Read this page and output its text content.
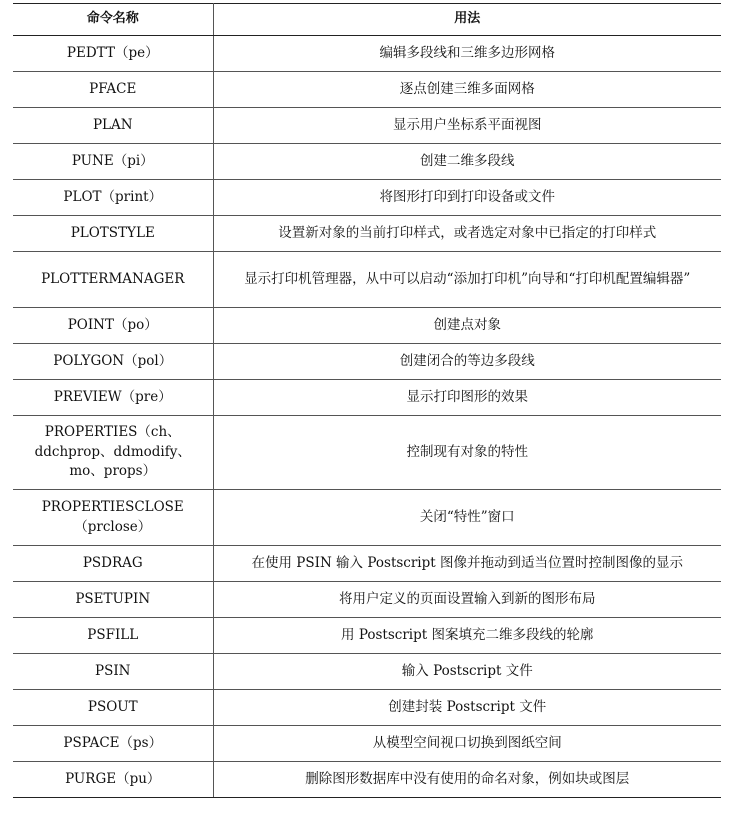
命令名称	用法
PEDTT（pe）	编辑多段线和三维多边形网格
PFACE	逐点创建三维多面网格
PLAN	显示用户坐标系平面视图
PUNE（pi）	创建二维多段线
PLOT（print）	将图形打印到打印设备或文件
PLOTSTYLE	设置新对象的当前打印样式，或者选定对象中已指定的打印样式
PLOTTERMANAGER	显示打印机管理器，从中可以启动“添加打印机”向导和“打印机配置编辑器”
POINT（po）	创建点对象
POLYGON（pol）	创建闭合的等边多段线
PREVIEW（pre）	显示打印图形的效果
PROPERTIES（ch、ddchprop、ddmodify、mo、props）	控制现有对象的特性
PROPERTIESCLOSE（prclose）	关闭“特性”窗口
PSDRAG	在使用 PSIN 输入 Postscript 图像并拖动到适当位置时控制图像的显示
PSETUPIN	将用户定义的页面设置输入到新的图形布局
PSFILL	用 Postscript 图案填充二维多段线的轮廓
PSIN	输入 Postscript 文件
PSOUT	创建封装 Postscript 文件
PSPACE（ps）	从模型空间视口切换到图纸空间
PURGE（pu）	删除图形数据库中没有使用的命名对象，例如块或图层
